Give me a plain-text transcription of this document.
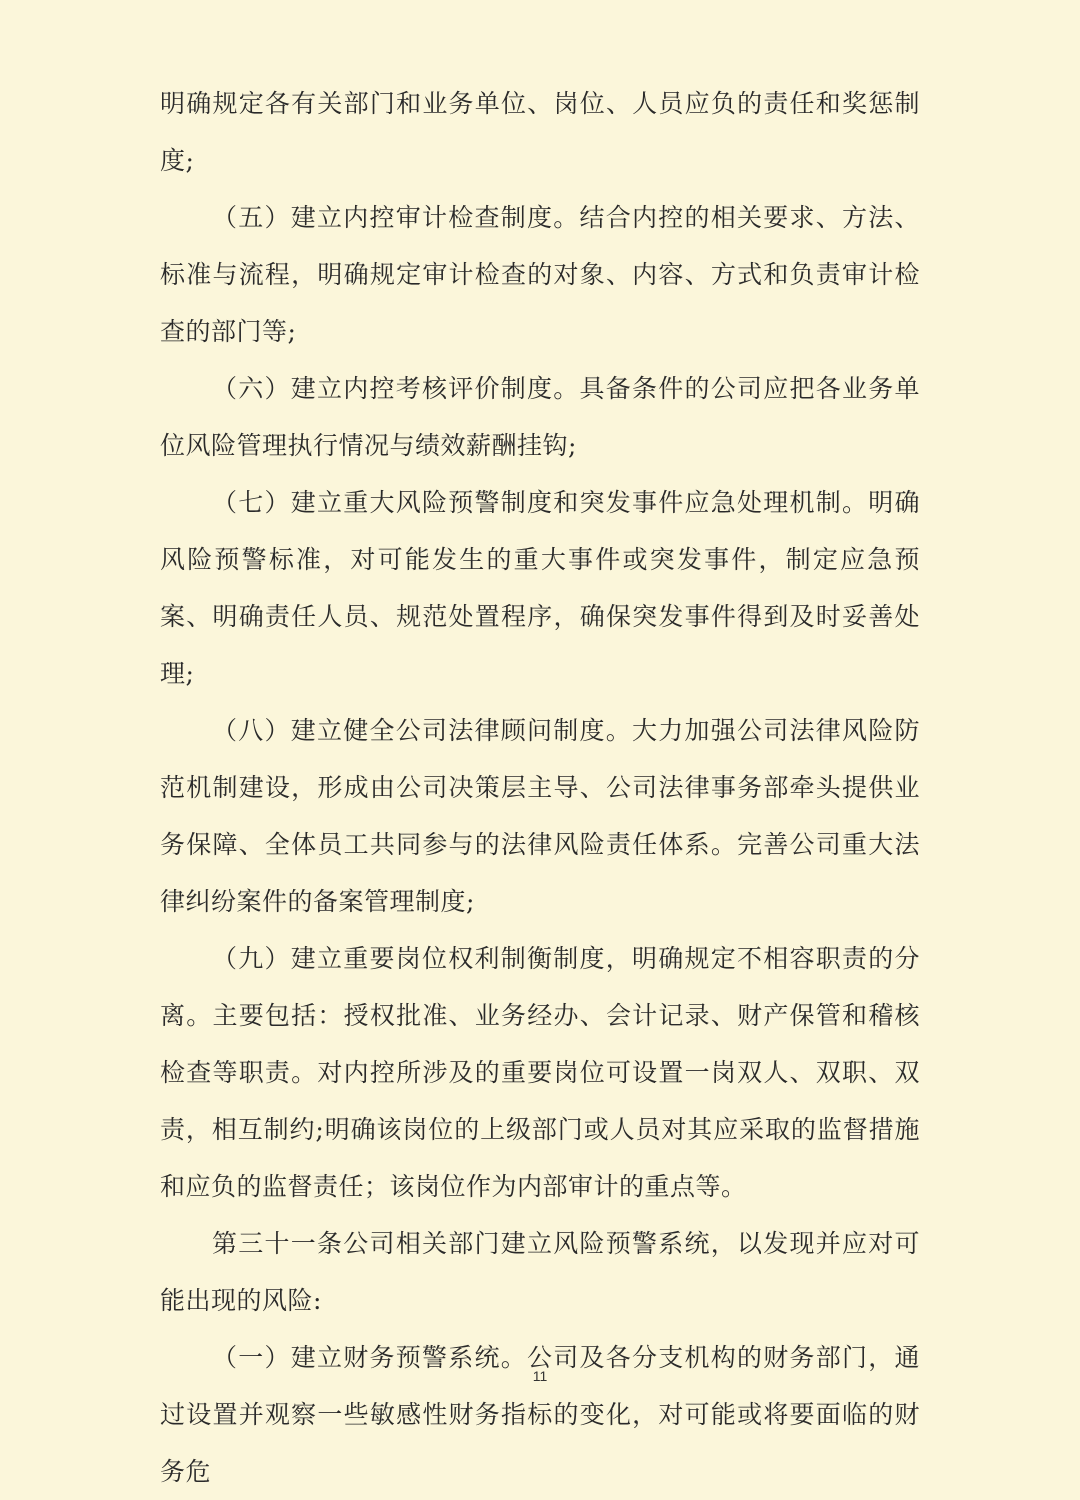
明确规定各有关部门和业务单位、岗位、人员应负的责任和奖惩制度;

（五）建立内控审计检查制度。结合内控的相关要求、方法、标准与流程，明确规定审计检查的对象、内容、方式和负责审计检查的部门等;

（六）建立内控考核评价制度。具备条件的公司应把各业务单位风险管理执行情况与绩效薪酬挂钩;

（七）建立重大风险预警制度和突发事件应急处理机制。明确风险预警标准，对可能发生的重大事件或突发事件，制定应急预案、明确责任人员、规范处置程序，确保突发事件得到及时妥善处理;

（八）建立健全公司法律顾问制度。大力加强公司法律风险防范机制建设，形成由公司决策层主导、公司法律事务部牵头提供业务保障、全体员工共同参与的法律风险责任体系。完善公司重大法律纠纷案件的备案管理制度;

（九）建立重要岗位权利制衡制度，明确规定不相容职责的分离。主要包括：授权批准、业务经办、会计记录、财产保管和稽核检查等职责。对内控所涉及的重要岗位可设置一岗双人、双职、双责，相互制约;明确该岗位的上级部门或人员对其应采取的监督措施和应负的监督责任；该岗位作为内部审计的重点等。

第三十一条公司相关部门建立风险预警系统，以发现并应对可能出现的风险:

（一）建立财务预警系统。公司及各分支机构的财务部门，通过设置并观察一些敏感性财务指标的变化，对可能或将要面临的财务危

11
